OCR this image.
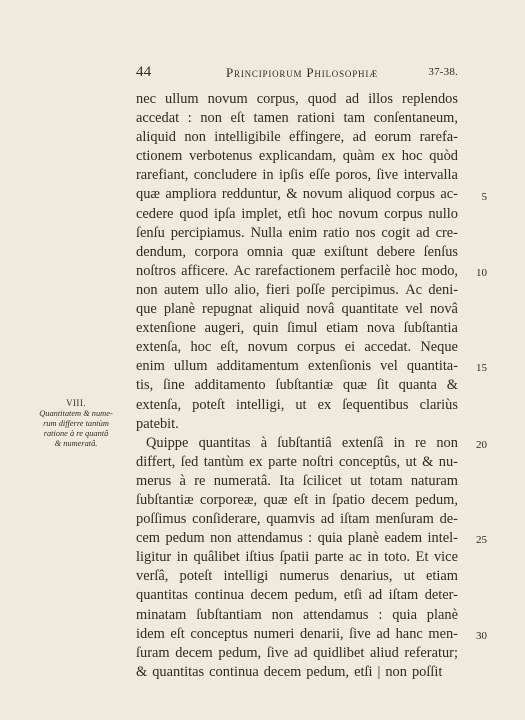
44	Principiorum Philosophiæ	37-38.
VIII.
Quantitatem & nume-
rum differre tantùm
ratione à re quantâ
& numeratâ.
nec ullum novum corpus, quod ad illos replendos
accedat : non eſt tamen rationi tam conſentaneum,
aliquid non intelligibile effingere, ad eorum rarefa-
ctionem verbotenus explicandam, quàm ex hoc quòd
rarefiant, concludere in ipſis eſſe poros, ſive intervalla
quæ ampliora redduntur, & novum aliquod corpus ac-
cedere quod ipſa implet, etſi hoc novum corpus nullo
ſenſu percipiamus. Nulla enim ratio nos cogit ad cre-
dendum, corpora omnia quæ exiſtunt debere ſenſus
noſtros afficere. Ac rarefactionem perfacilè hoc modo,
non autem ullo alio, fieri poſſe percipimus. Ac deni-
que planè repugnat aliquid novâ quantitate vel novâ
extenſione augeri, quin ſimul etiam nova ſubſtantia
extenſa, hoc eſt, novum corpus ei accedat. Neque
enim ullum additamentum extenſionis vel quantita-
tis, ſine additamento ſubſtantiæ quæ ſit quanta &
extenſa, poteſt intelligi, ut ex ſequentibus clariùs
patebit.
Quippe quantitas à ſubſtantiâ extenſâ in re non
differt, ſed tantùm ex parte noſtri conceptûs, ut & nu-
merus à re numeratâ. Ita ſcilicet ut totam naturam
ſubſtantiæ corporeæ, quæ eſt in ſpatio decem pedum,
poſſimus conſiderare, quamvis ad iſtam menſuram de-
cem pedum non attendamus : quia planè eadem intel-
ligitur in quâlibet iſtius ſpatii parte ac in toto. Et vice
verſâ, poteſt intelligi numerus denarius, ut etiam
quantitas continua decem pedum, etſi ad iſtam deter-
minatam ſubſtantiam non attendamus : quia planè
idem eſt conceptus numeri denarii, ſive ad hanc men-
ſuram decem pedum, ſive ad quidlibet aliud referatur;
& quantitas continua decem pedum, etſi | non poſſit
5
10
15
20
25
30
